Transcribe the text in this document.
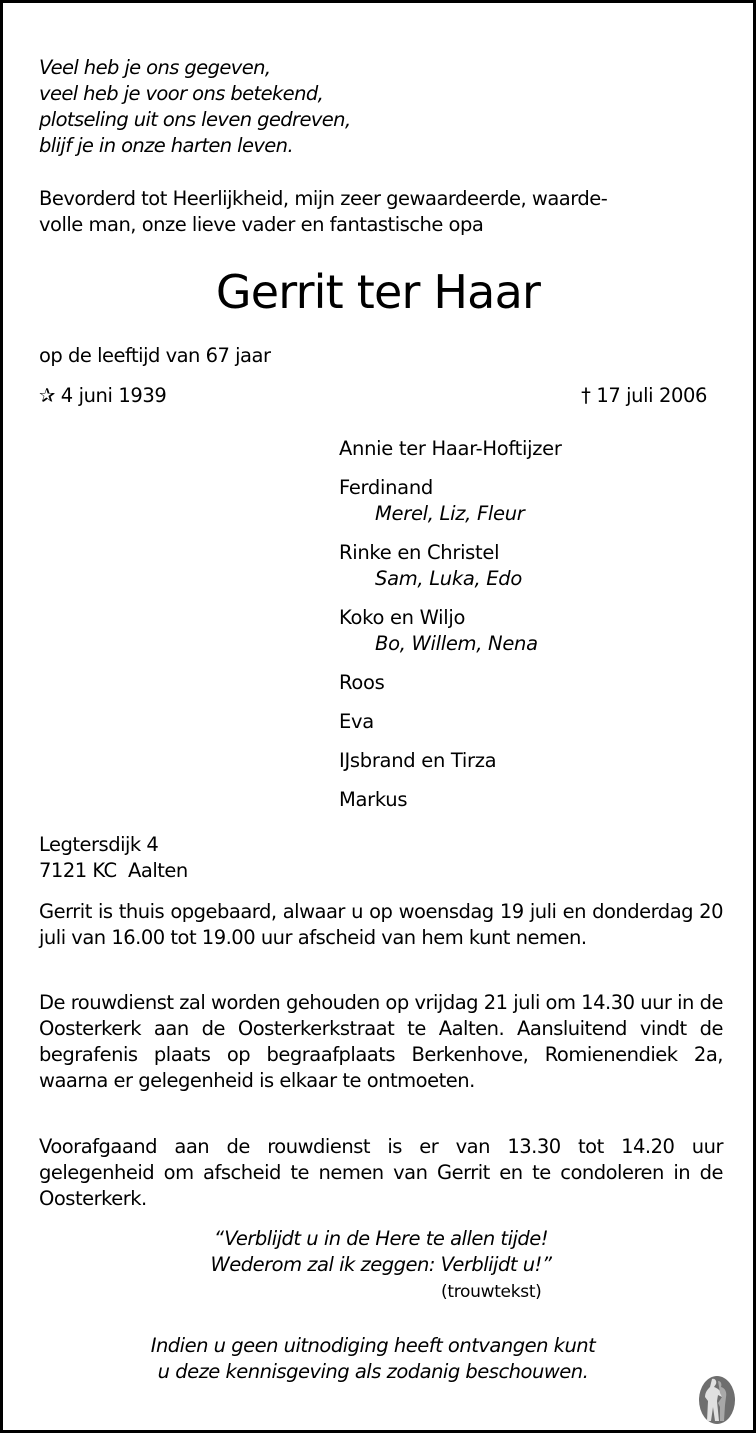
Veel heb je ons gegeven,
veel heb je voor ons betekend,
plotseling uit ons leven gedreven,
blijf je in onze harten leven.
Bevorderd tot Heerlijkheid, mijn zeer gewaardeerde, waarde-
volle man, onze lieve vader en fantastische opa
Gerrit ter Haar
op de leeftijd van 67 jaar
✰ 4 juni 1939	† 17 juli 2006
Annie ter Haar-Hoftijzer
Ferdinand
Merel, Liz, Fleur
Rinke en Christel
Sam, Luka, Edo
Koko en Wiljo
Bo, Willem, Nena
Roos
Eva
IJsbrand en Tirza
Markus
Legtersdijk 4
7121 KC  Aalten
Gerrit is thuis opgebaard, alwaar u op woensdag 19 juli en donderdag 20 juli van 16.00 tot 19.00 uur afscheid van hem kunt nemen.
De rouwdienst zal worden gehouden op vrijdag 21 juli om 14.30 uur in de Oosterkerk aan de Oosterkerkstraat te Aalten. Aansluitend vindt de begrafenis plaats op begraafplaats Berkenhove, Romienendiek 2a, waarna er gelegenheid is elkaar te ontmoeten.
Voorafgaand aan de rouwdienst is er van 13.30 tot 14.20 uur gelegenheid om afscheid te nemen van Gerrit en te condoleren in de Oosterkerk.
“Verblijdt u in de Here te allen tijde!
Wederom zal ik zeggen: Verblijdt u!”
(trouwtekst)
Indien u geen uitnodiging heeft ontvangen kunt
u deze kennisgeving als zodanig beschouwen.
